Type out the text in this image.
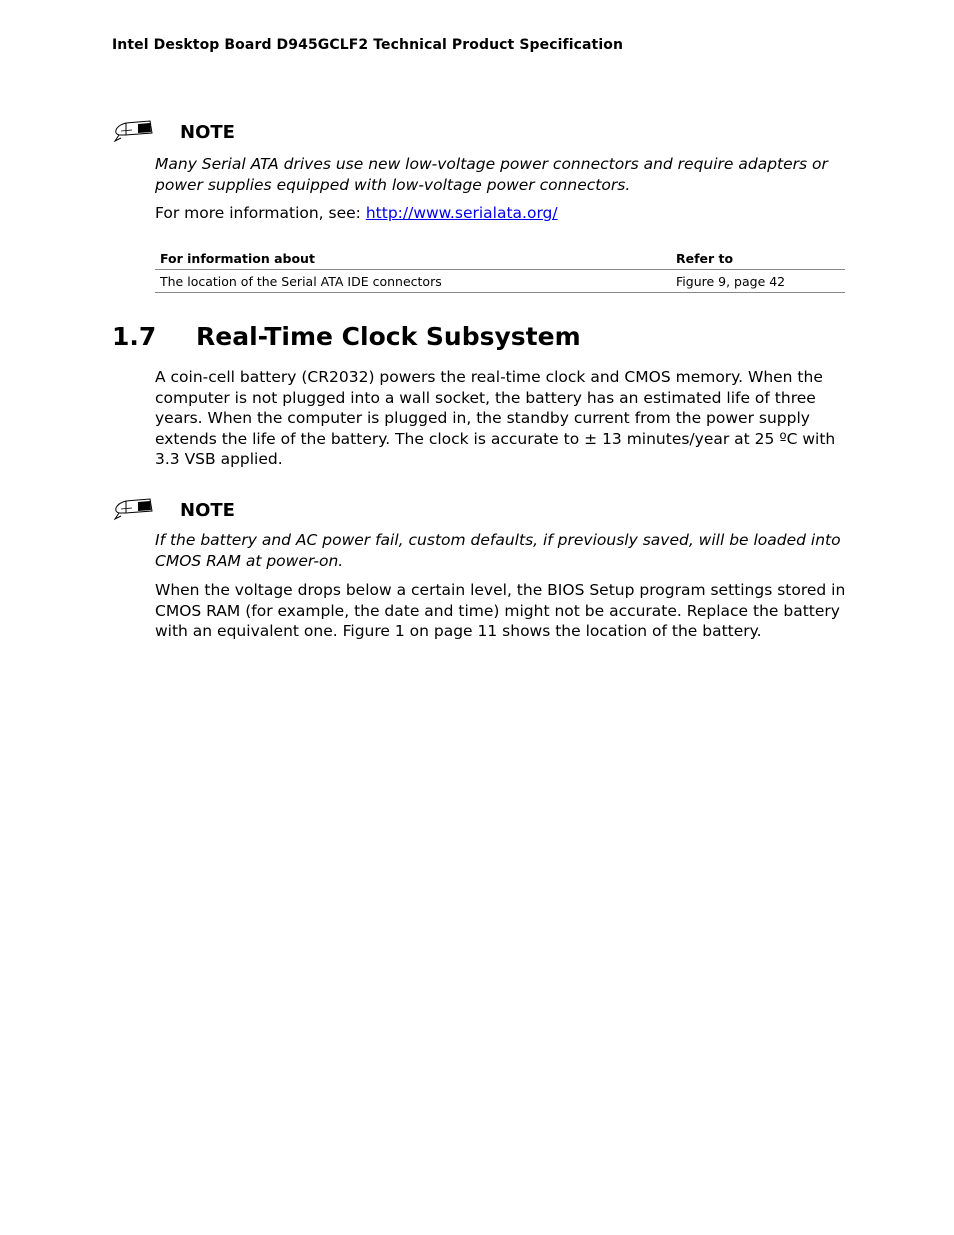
Intel Desktop Board D945GCLF2 Technical Product Specification
NOTE
Many Serial ATA drives use new low-voltage power connectors and require adapters or power supplies equipped with low-voltage power connectors.
For more information, see: http://www.serialata.org/
For information about	Refer to
The location of the Serial ATA IDE connectors	Figure 9, page 42
1.7	Real-Time Clock Subsystem
A coin-cell battery (CR2032) powers the real-time clock and CMOS memory. When the computer is not plugged into a wall socket, the battery has an estimated life of three years. When the computer is plugged in, the standby current from the power supply extends the life of the battery. The clock is accurate to ± 13 minutes/year at 25 ºC with 3.3 VSB applied.
NOTE
If the battery and AC power fail, custom defaults, if previously saved, will be loaded into CMOS RAM at power-on.
When the voltage drops below a certain level, the BIOS Setup program settings stored in CMOS RAM (for example, the date and time) might not be accurate. Replace the battery with an equivalent one. Figure 1 on page 11 shows the location of the battery.
